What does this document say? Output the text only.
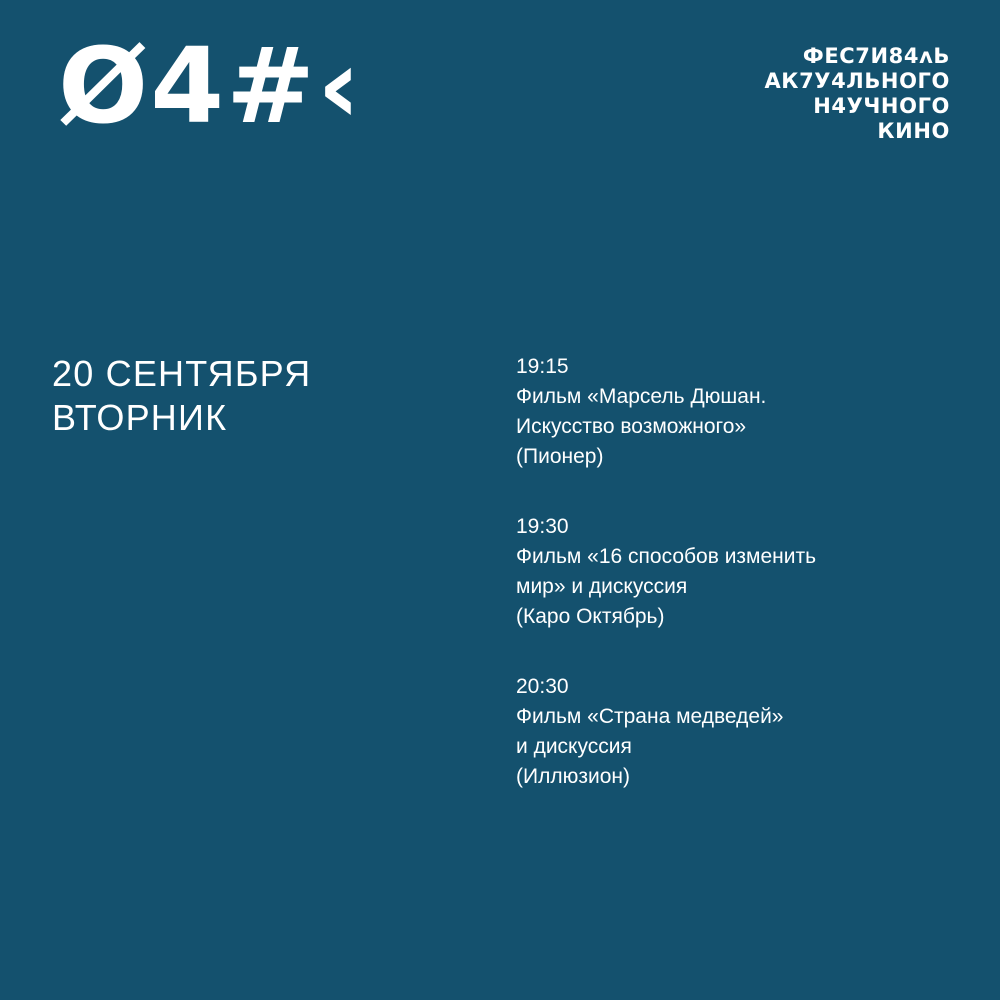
Ø4#‹	ФЕС7И84ᴧЬ
АК7У4ЛЬНОГО
Н4УЧНОГО
КИНО
20 СЕНТЯБРЯ
ВТОРНИК
19:15
Фильм «Марсель Дюшан.
Искусство возможного»
(Пионер)
19:30
Фильм «16 способов изменить
мир» и дискуссия
(Каро Октябрь)
20:30
Фильм «Страна медведей»
и дискуссия
(Иллюзион)
